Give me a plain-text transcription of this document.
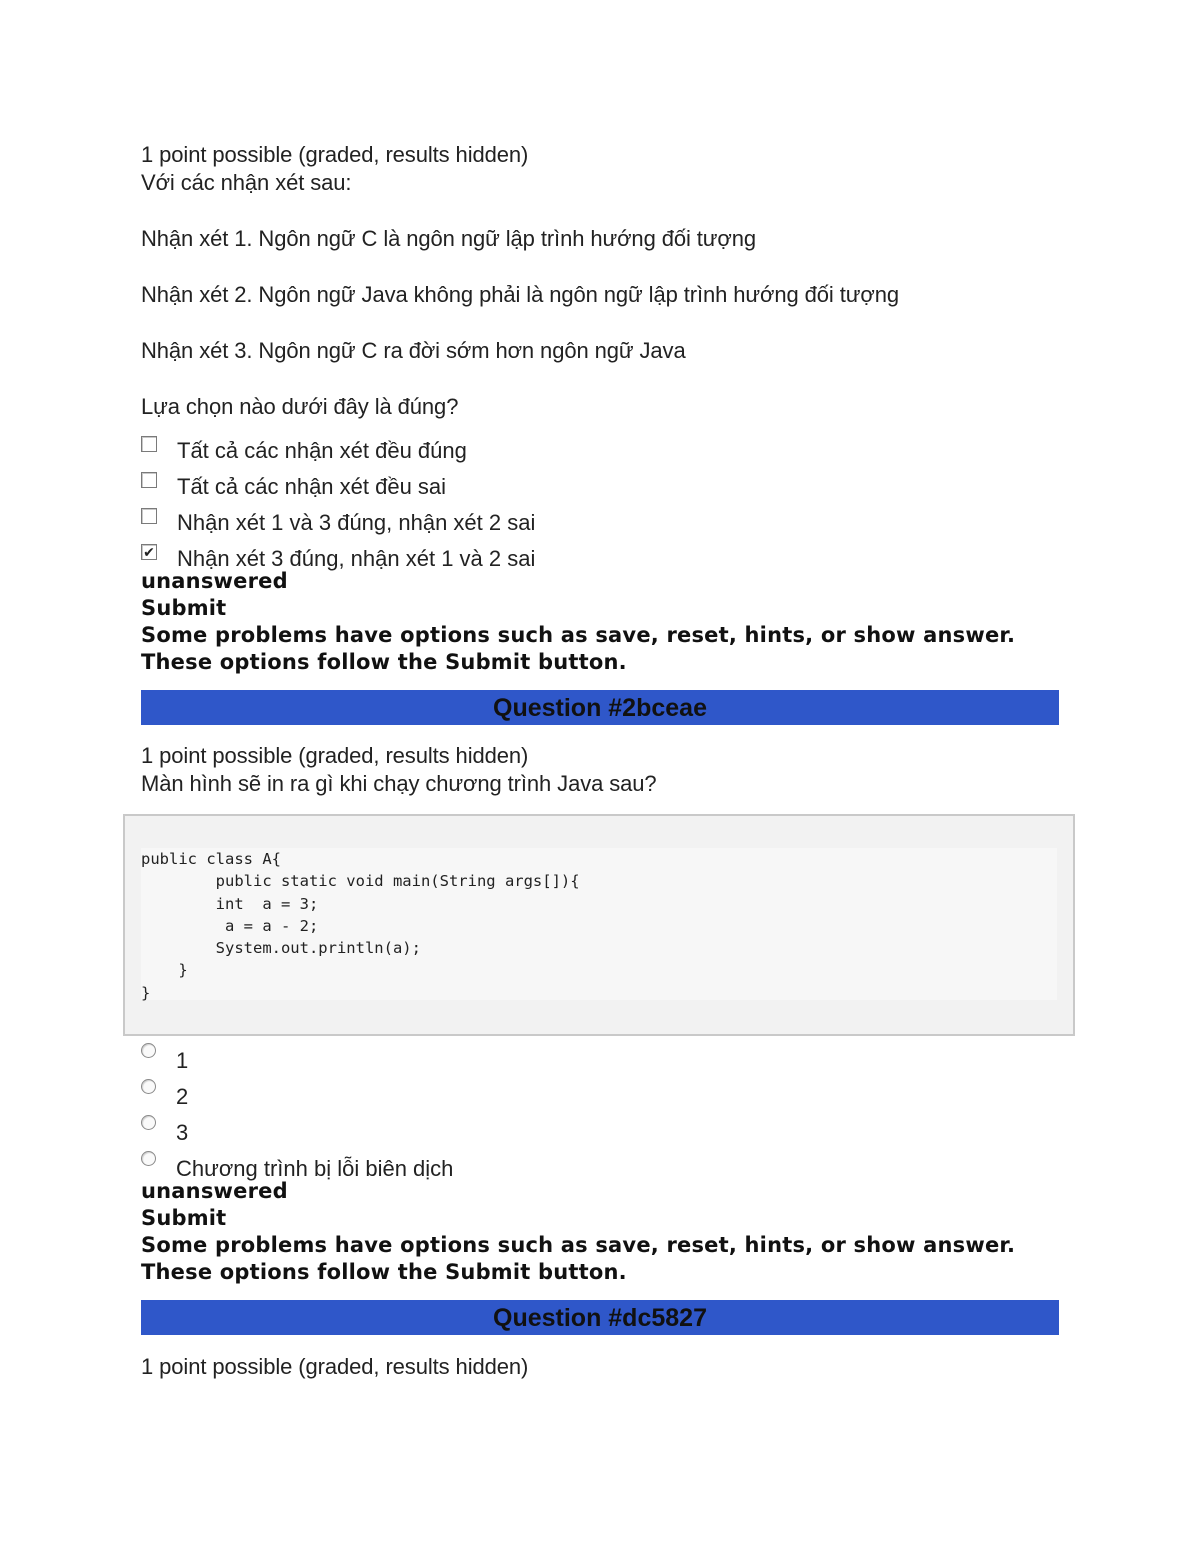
1 point possible (graded, results hidden)

Với các nhận xét sau:

Nhận xét 1. Ngôn ngữ C là ngôn ngữ lập trình hướng đối tượng

Nhận xét 2. Ngôn ngữ Java không phải là ngôn ngữ lập trình hướng đối tượng

Nhận xét 3. Ngôn ngữ C ra đời sớm hơn ngôn ngữ Java

Lựa chọn nào dưới đây là đúng?

Tất cả các nhận xét đều đúng
Tất cả các nhận xét đều sai
Nhận xét 1 và 3 đúng, nhận xét 2 sai
✔ Nhận xét 3 đúng, nhận xét 1 và 2 sai

unanswered

Submit

Some problems have options such as save, reset, hints, or show answer.

These options follow the Submit button.

Question #2bceae

1 point possible (graded, results hidden)

Màn hình sẽ in ra gì khi chạy chương trình Java sau?

public class A{
public static void main(String args[]){
int  a = 3;
a = a - 2;
System.out.println(a);
}
}
1
2
3
Chương trình bị lỗi biên dịch

unanswered

Submit

Some problems have options such as save, reset, hints, or show answer.

These options follow the Submit button.

Question #dc5827

1 point possible (graded, results hidden)
